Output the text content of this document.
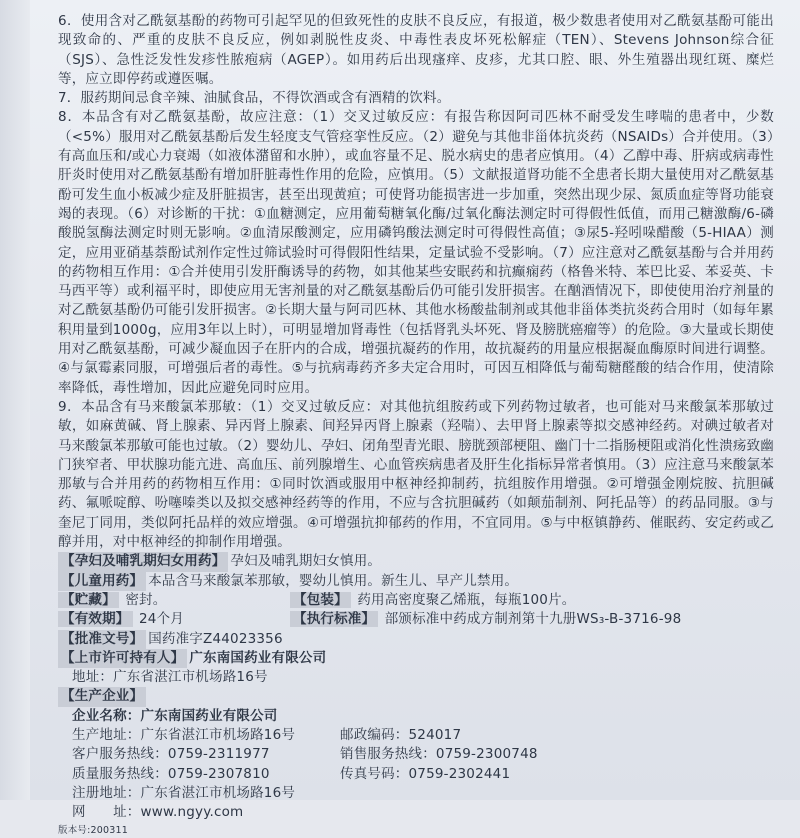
6．使用含对乙酰氨基酚的药物可引起罕见的但致死性的皮肤不良反应，有报道，极少数患者使用对乙酰氨基酚可能出现致命的、严重的皮肤不良反应，例如剥脱性皮炎、中毒性表皮坏死松解症（TEN）、Stevens Johnson综合征（SJS）、急性泛发性发疹性脓疱病（AGEP）。如用药后出现瘙痒、皮疹，尤其口腔、眼、外生殖器出现红斑、糜烂等，应立即停药或遵医嘱。

7．服药期间忌食辛辣、油腻食品，不得饮酒或含有酒精的饮料。

8．本品含有对乙酰氨基酚，故应注意：（1）交叉过敏反应：有报告称因阿司匹林不耐受发生哮喘的患者中，少数（<5%）服用对乙酰氨基酚后发生轻度支气管痉挛性反应。（2）避免与其他非甾体抗炎药（NSAIDs）合并使用。（3）有高血压和/或心力衰竭（如液体潴留和水肿），或血容量不足、脱水病史的患者应慎用。（4）乙醇中毒、肝病或病毒性肝炎时使用对乙酰氨基酚有增加肝脏毒性作用的危险，应慎用。（5）文献报道肾功能不全患者长期大量使用对乙酰氨基酚可发生血小板减少症及肝脏损害，甚至出现黄疸；可使肾功能损害进一步加重，突然出现少尿、氮质血症等肾功能衰竭的表现。（6）对诊断的干扰：①血糖测定，应用葡萄糖氧化酶/过氧化酶法测定时可得假性低值，而用己糖激酶/6-磷酸脱氢酶法测定时则无影响。②血清尿酸测定，应用磷钨酸法测定时可得假性高值；③尿5-羟吲哚醋酸（5-HIAA）测定，应用亚硝基萘酚试剂作定性过筛试验时可得假阳性结果，定量试验不受影响。（7）应注意对乙酰氨基酚与合并用药的药物相互作用：①合并使用引发肝酶诱导的药物，如其他某些安眠药和抗癫痫药（格鲁米特、苯巴比妥、苯妥英、卡马西平等）或利福平时，即使应用无害剂量的对乙酰氨基酚后仍可能引发肝损害。在酗酒情况下，即使使用治疗剂量的对乙酰氨基酚仍可能引发肝损害。②长期大量与阿司匹林、其他水杨酸盐制剂或其他非甾体类抗炎药合用时（如每年累积用量到1000g，应用3年以上时），可明显增加肾毒性（包括肾乳头坏死、肾及膀胱癌瘤等）的危险。③大量或长期使用对乙酰氨基酚，可减少凝血因子在肝内的合成，增强抗凝药的作用，故抗凝药的用量应根据凝血酶原时间进行调整。④与氯霉素同服，可增强后者的毒性。⑤与抗病毒药齐多夫定合用时，可因互相降低与葡萄糖醛酸的结合作用，使清除率降低，毒性增加，因此应避免同时应用。

9．本品含有马来酸氯苯那敏：（1）交叉过敏反应：对其他抗组胺药或下列药物过敏者，也可能对马来酸氯苯那敏过敏，如麻黄碱、肾上腺素、异丙肾上腺素、间羟异丙肾上腺素（羟喘）、去甲肾上腺素等拟交感神经药。对碘过敏者对马来酸氯苯那敏可能也过敏。（2）婴幼儿、孕妇、闭角型青光眼、膀胱颈部梗阻、幽门十二指肠梗阻或消化性溃疡致幽门狭窄者、甲状腺功能亢进、高血压、前列腺增生、心血管疾病患者及肝生化指标异常者慎用。（3）应注意马来酸氯苯那敏与合并用药的药物相互作用：①同时饮酒或服用中枢神经抑制药，抗组胺作用增强。②可增强金刚烷胺、抗胆碱药、氟哌啶醇、吩噻嗪类以及拟交感神经药等的作用，不应与含抗胆碱药（如颠茄制剂、阿托品等）的药品同服。③与奎尼丁同用，类似阿托品样的效应增强。④可增强抗抑郁药的作用，不宜同用。⑤与中枢镇静药、催眠药、安定药或乙醇并用，对中枢神经的抑制作用增强。

【孕妇及哺乳期妇女用药】 孕妇及哺乳期妇女慎用。
【儿童用药】 本品含马来酸氯苯那敏，婴幼儿慎用。新生儿、早产儿禁用。
【贮藏】 密封。	【包装】 药用高密度聚乙烯瓶，每瓶100片。
【有效期】 24个月	【执行标准】 部颁标准中药成方制剂第十九册WS₃-B-3716-98
【批准文号】 国药准字Z44023356
【上市许可持有人】 广东南国药业有限公司
地址：广东省湛江市机场路16号
【生产企业】
企业名称：广东南国药业有限公司
生产地址：广东省湛江市机场路16号	邮政编码：524017
客户服务热线：0759-2311977	销售服务热线：0759-2300748
质量服务热线：0759-2307810	传真号码：0759-2302441
注册地址：广东省湛江市机场路16号
网　　址： www.ngyy.com
版本号:200311
